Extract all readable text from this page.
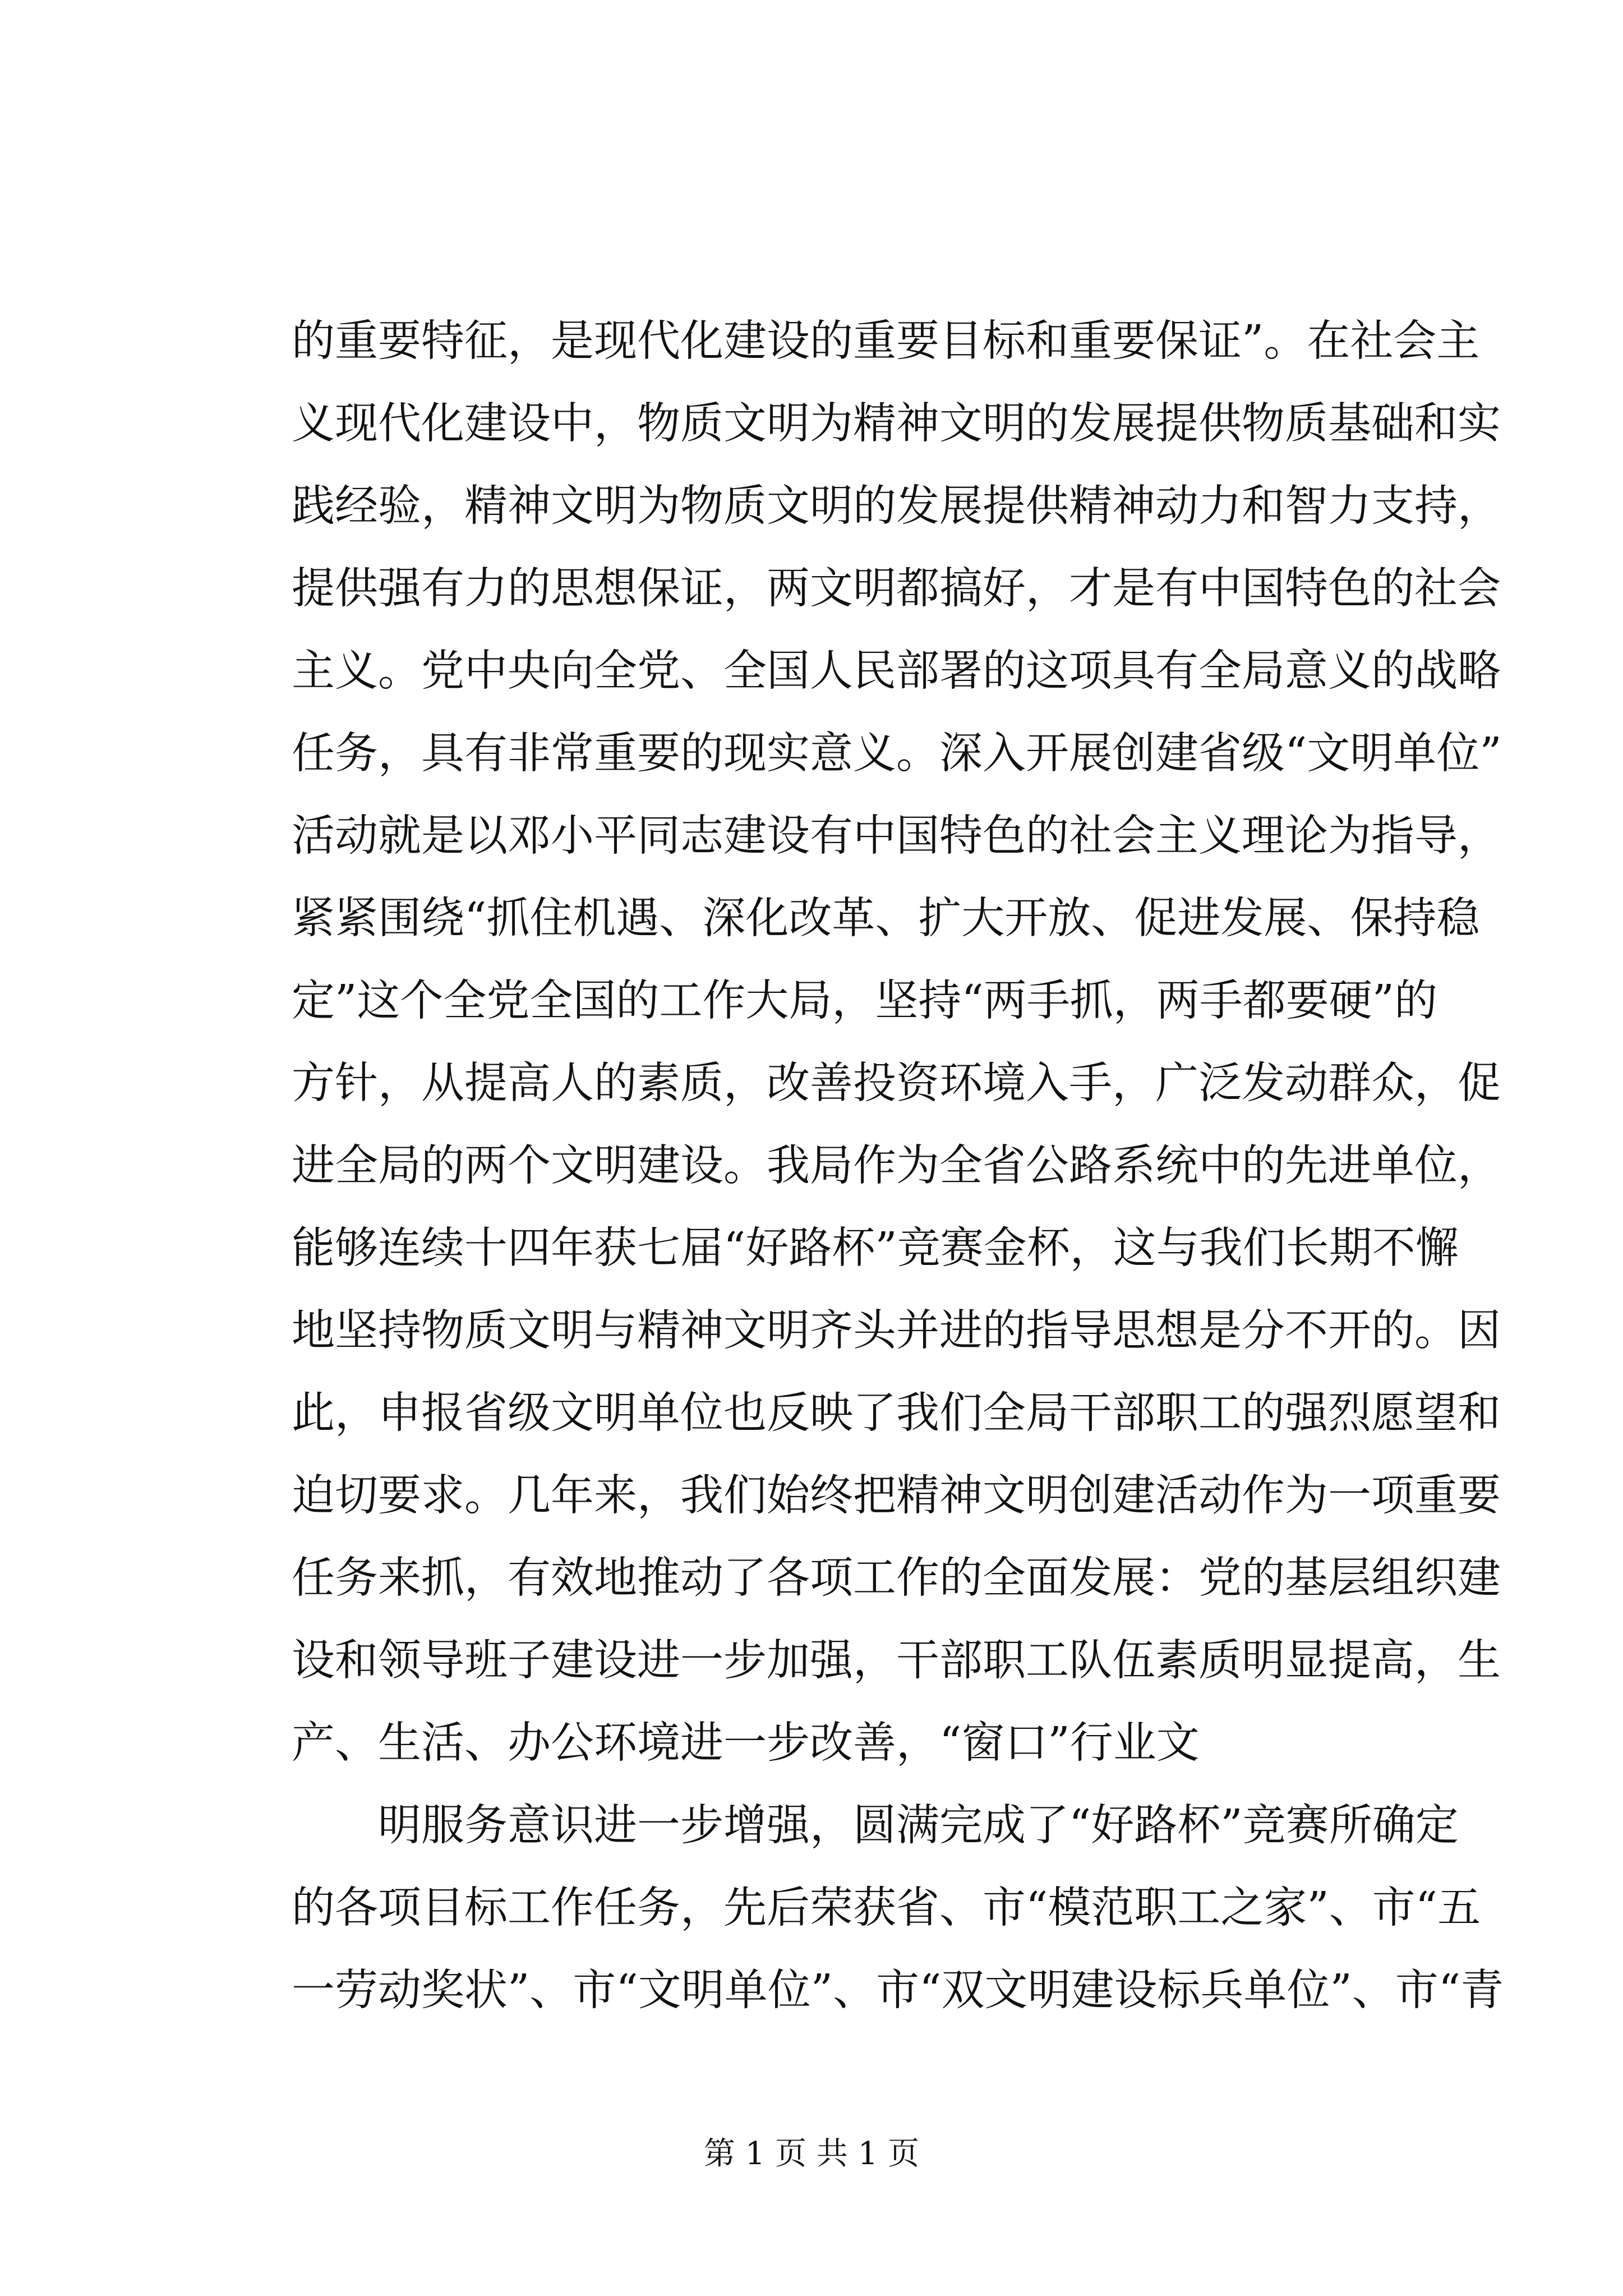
的重要特征，是现代化建设的重要目标和重要保证”。在社会主
义现代化建设中，物质文明为精神文明的发展提供物质基础和实
践经验，精神文明为物质文明的发展提供精神动力和智力支持，
提供强有力的思想保证，两文明都搞好，才是有中国特色的社会
主义。党中央向全党、全国人民部署的这项具有全局意义的战略
任务，具有非常重要的现实意义。深入开展创建省级“文明单位”
活动就是以邓小平同志建设有中国特色的社会主义理论为指导，
紧紧围绕“抓住机遇、深化改革、扩大开放、促进发展、保持稳
定”这个全党全国的工作大局，坚持“两手抓，两手都要硬”的
方针，从提高人的素质，改善投资环境入手，广泛发动群众，促
进全局的两个文明建设。我局作为全省公路系统中的先进单位，
能够连续十四年获七届“好路杯”竞赛金杯，这与我们长期不懈
地坚持物质文明与精神文明齐头并进的指导思想是分不开的。因
此，申报省级文明单位也反映了我们全局干部职工的强烈愿望和
迫切要求。几年来，我们始终把精神文明创建活动作为一项重要
任务来抓，有效地推动了各项工作的全面发展：党的基层组织建
设和领导班子建设进一步加强，干部职工队伍素质明显提高，生
产、生活、办公环境进一步改善，“窗口”行业文
明服务意识进一步增强，圆满完成了“好路杯”竞赛所确定
的各项目标工作任务，先后荣获省、市“模范职工之家”、市“五
一劳动奖状”、市“文明单位”、市“双文明建设标兵单位”、市“青
第 1 页 共 1 页
